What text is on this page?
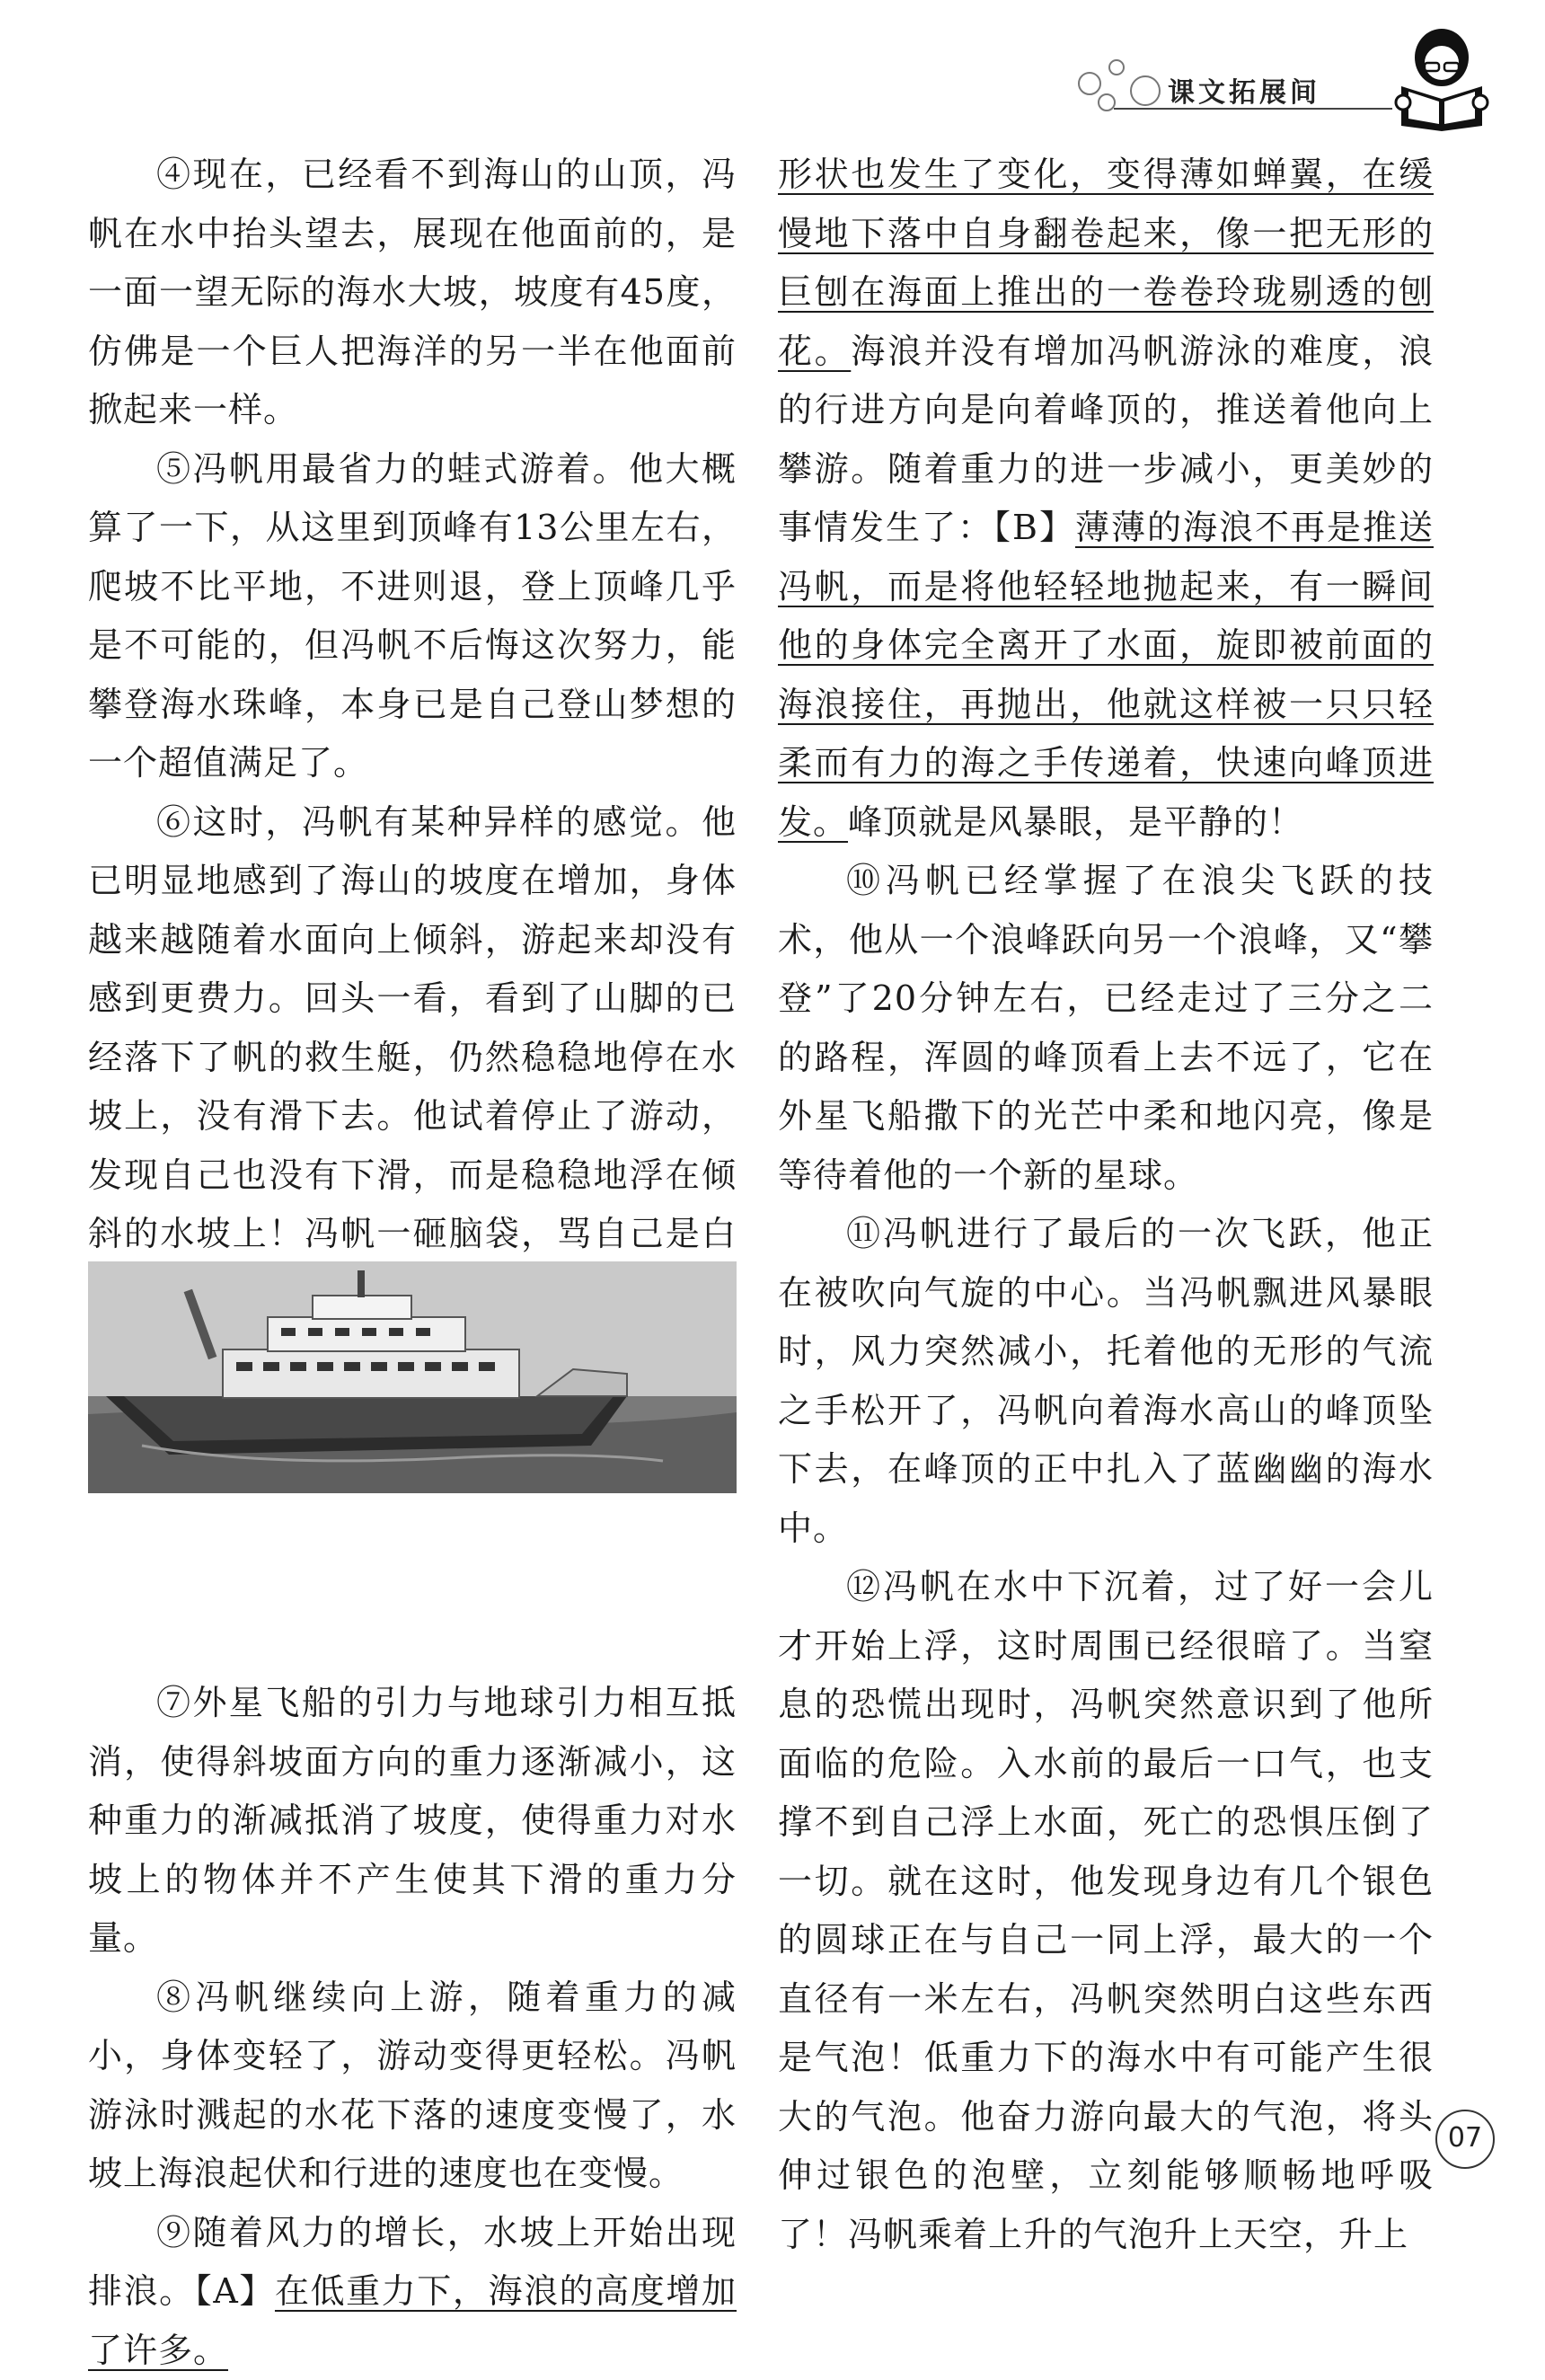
课文拓展间

④现在，已经看不到海山的山顶，冯帆在水中抬头望去，展现在他面前的，是一面一望无际的海水大坡，坡度有45度，仿佛是一个巨人把海洋的另一半在他面前掀起来一样。

⑤冯帆用最省力的蛙式游着。他大概算了一下，从这里到顶峰有13公里左右，爬坡不比平地，不进则退，登上顶峰几乎是不可能的，但冯帆不后悔这次努力，能攀登海水珠峰，本身已是自己登山梦想的一个超值满足了。

⑥这时，冯帆有某种异样的感觉。他已明显地感到了海山的坡度在增加，身体越来越随着水面向上倾斜，游起来却没有感到更费力。回头一看，看到了山脚的已经落下了帆的救生艇，仍然稳稳地停在水坡上，没有滑下去。他试着停止了游动，发现自己也没有下滑，而是稳稳地浮在倾斜的水坡上！冯帆一砸脑袋，骂自己是白

⑦外星飞船的引力与地球引力相互抵消，使得斜坡面方向的重力逐渐减小，这种重力的渐减抵消了坡度，使得重力对水坡上的物体并不产生使其下滑的重力分量。

⑧冯帆继续向上游，随着重力的减小，身体变轻了，游动变得更轻松。冯帆游泳时溅起的水花下落的速度变慢了，水坡上海浪起伏和行进的速度也在变慢。

⑨随着风力的增长，水坡上开始出现排浪。【A】在低重力下，海浪的高度增加了许多。

形状也发生了变化，变得薄如蝉翼，在缓慢地下落中自身翻卷起来，像一把无形的巨刨在海面上推出的一卷卷玲珑剔透的刨花。海浪并没有增加冯帆游泳的难度，浪的行进方向是向着峰顶的，推送着他向上攀游。随着重力的进一步减小，更美妙的事情发生了：【B】薄薄的海浪不再是推送冯帆，而是将他轻轻地抛起来，有一瞬间他的身体完全离开了水面，旋即被前面的海浪接住，再抛出，他就这样被一只只轻柔而有力的海之手传递着，快速向峰顶进发。峰顶就是风暴眼，是平静的！

⑩冯帆已经掌握了在浪尖飞跃的技术，他从一个浪峰跃向另一个浪峰，又“攀登”了20分钟左右，已经走过了三分之二的路程，浑圆的峰顶看上去不远了，它在外星飞船撒下的光芒中柔和地闪亮，像是等待着他的一个新的星球。

⑪冯帆进行了最后的一次飞跃，他正在被吹向气旋的中心。当冯帆飘进风暴眼时，风力突然减小，托着他的无形的气流之手松开了，冯帆向着海水高山的峰顶坠下去，在峰顶的正中扎入了蓝幽幽的海水中。

⑫冯帆在水中下沉着，过了好一会儿才开始上浮，这时周围已经很暗了。当窒息的恐慌出现时，冯帆突然意识到了他所面临的危险。入水前的最后一口气，也支撑不到自己浮上水面，死亡的恐惧压倒了一切。就在这时，他发现身边有几个银色的圆球正在与自己一同上浮，最大的一个直径有一米左右，冯帆突然明白这些东西是气泡！低重力下的海水中有可能产生很大的气泡。他奋力游向最大的气泡，将头伸过银色的泡壁，立刻能够顺畅地呼吸了！冯帆乘着上升的气泡升上天空，升上

07
